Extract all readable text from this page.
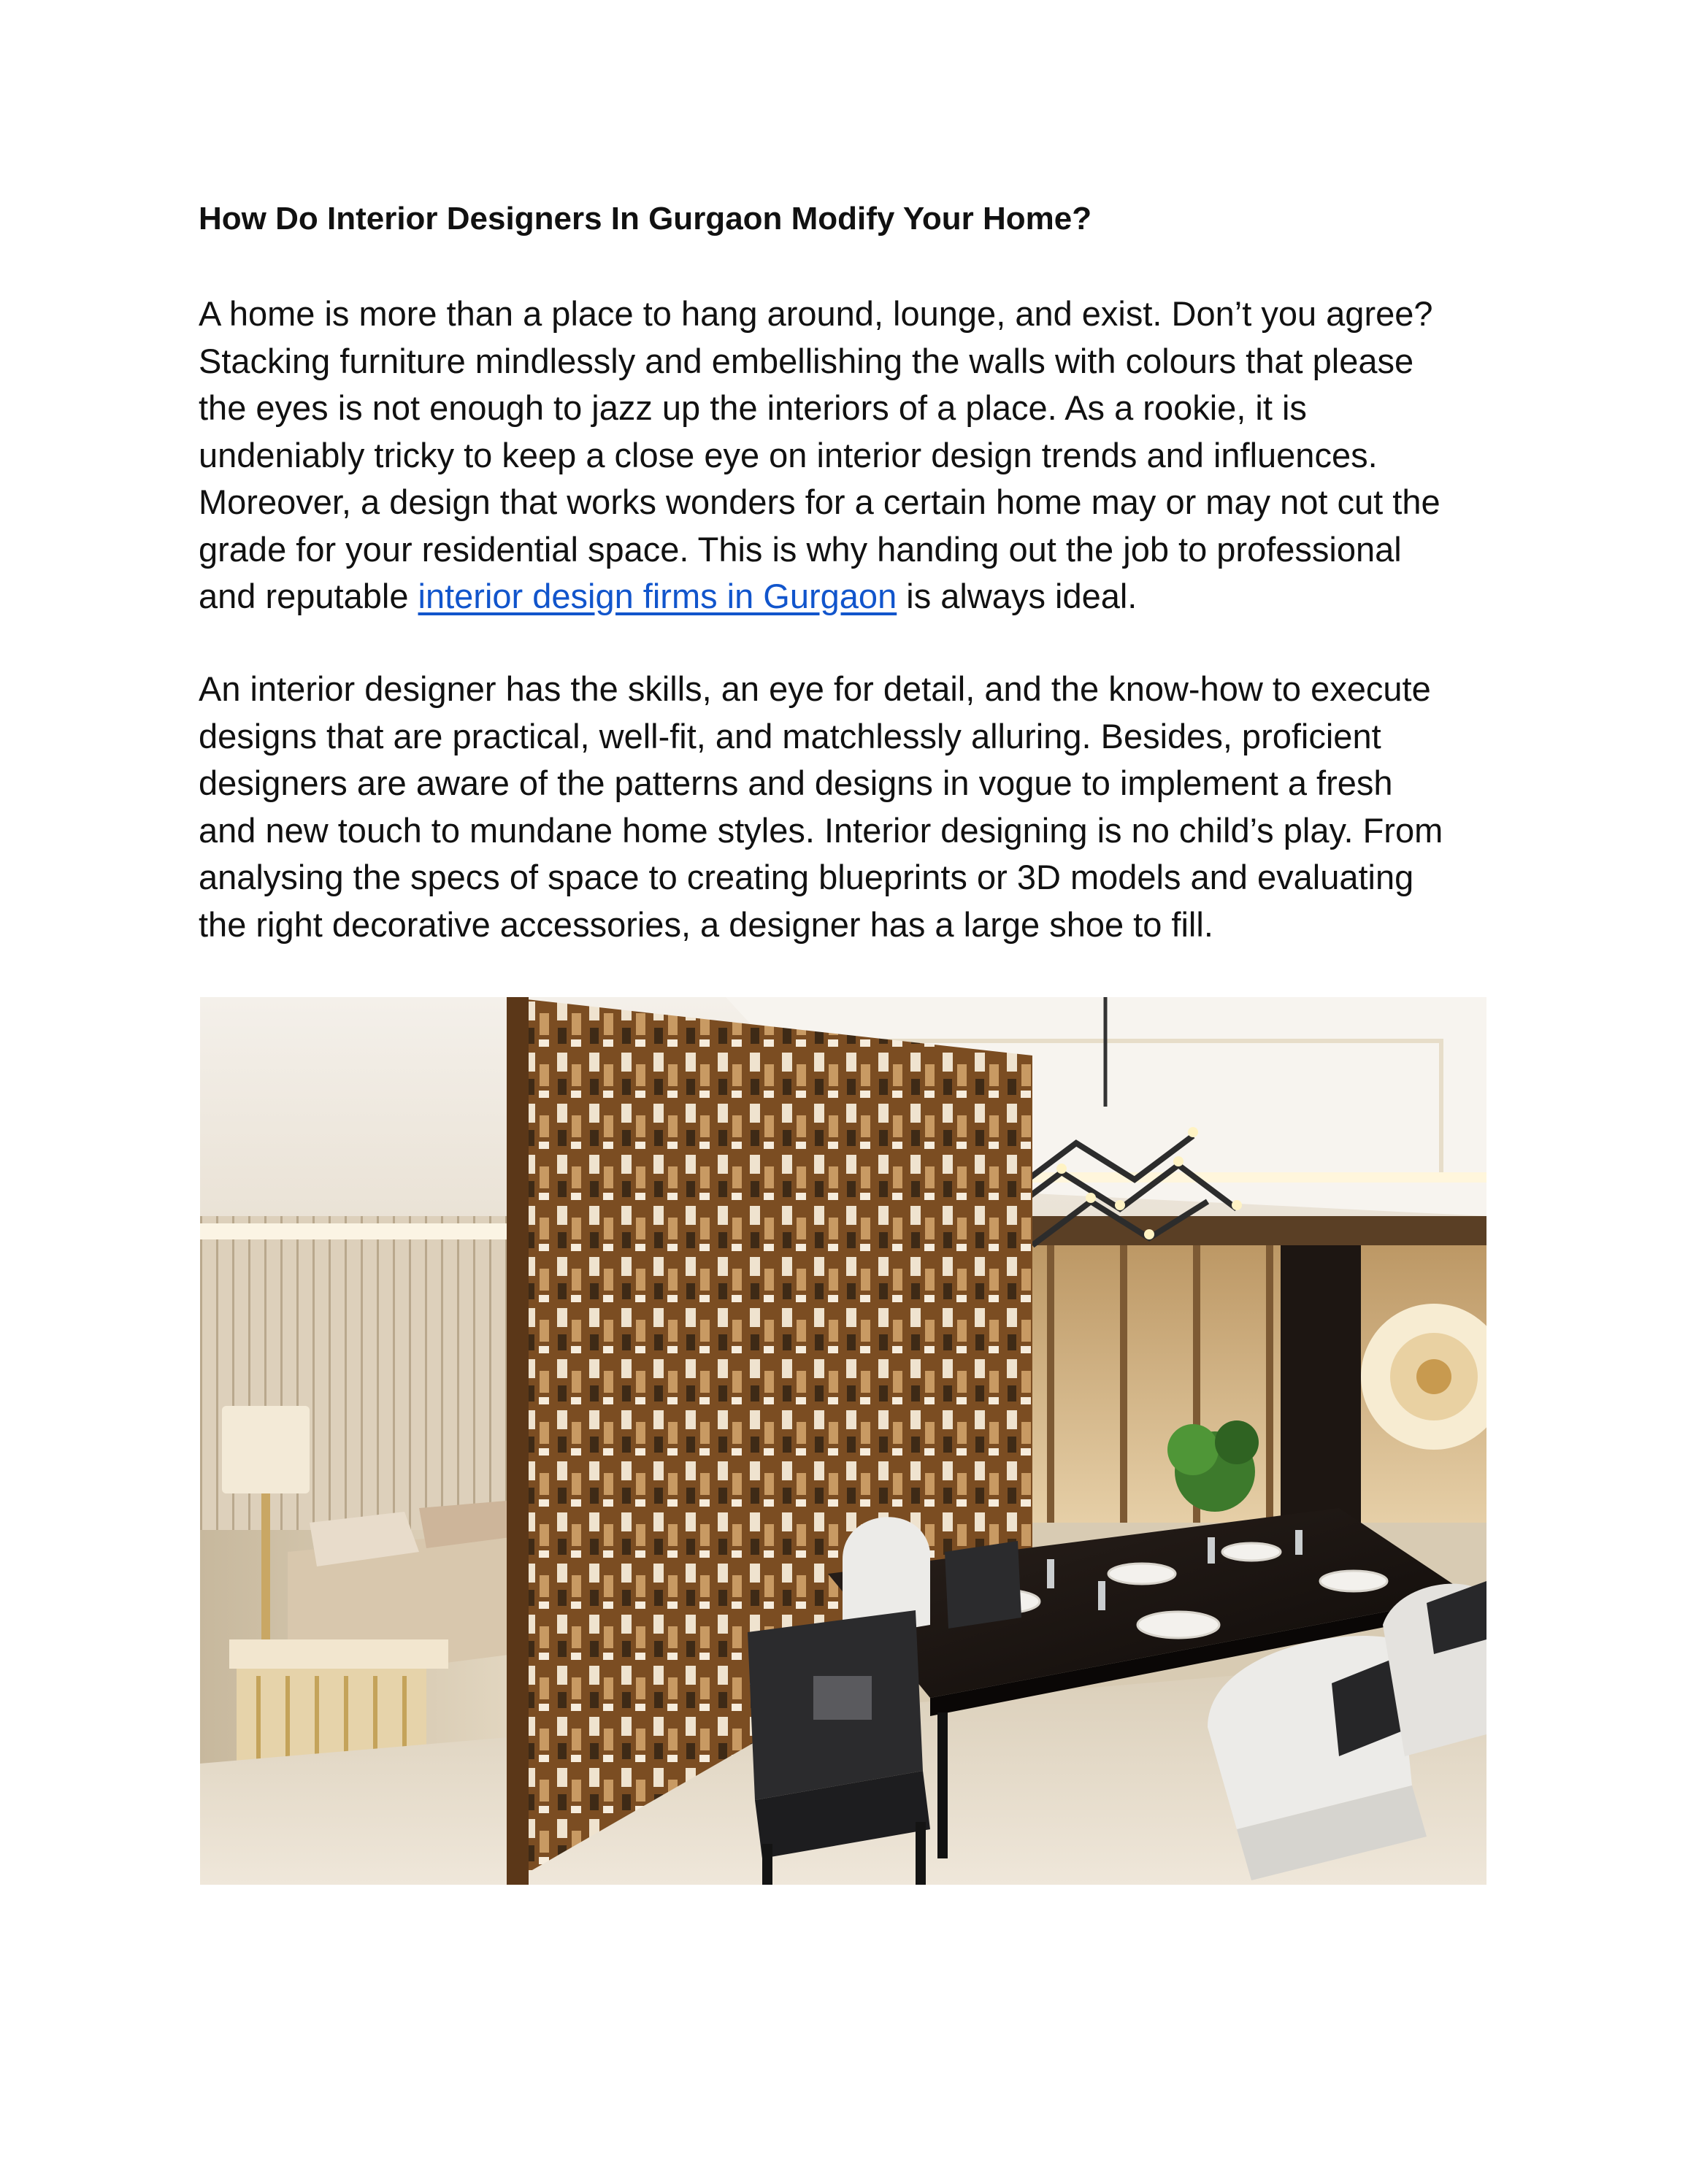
How Do Interior Designers In Gurgaon Modify Your Home?

A home is more than a place to hang around, lounge, and exist. Don’t you agree?
Stacking furniture mindlessly and embellishing the walls with colours that please
the eyes is not enough to jazz up the interiors of a place. As a rookie, it is
undeniably tricky to keep a close eye on interior design trends and influences.
Moreover, a design that works wonders for a certain home may or may not cut the
grade for your residential space. This is why handing out the job to professional
and reputable interior design firms in Gurgaon is always ideal.

An interior designer has the skills, an eye for detail, and the know-how to execute
designs that are practical, well-fit, and matchlessly alluring. Besides, proficient
designers are aware of the patterns and designs in vogue to implement a fresh
and new touch to mundane home styles. Interior designing is no child’s play. From
analysing the specs of space to creating blueprints or 3D models and evaluating
the right decorative accessories, a designer has a large shoe to fill.
